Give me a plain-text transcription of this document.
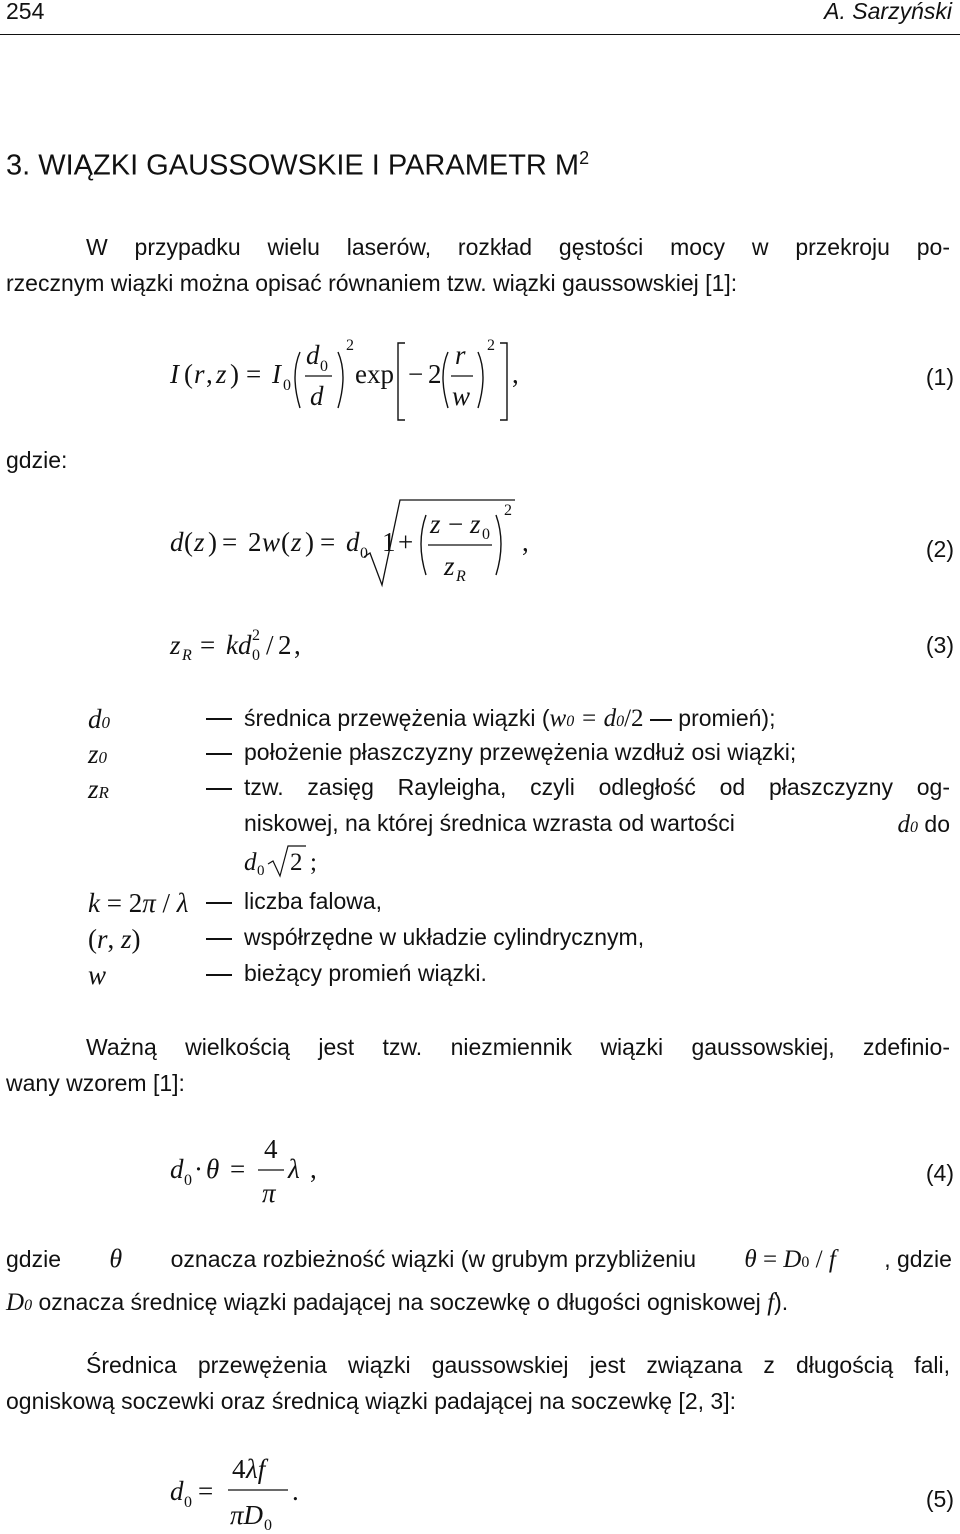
254	A. Sarzyński
3. WIĄZKI GAUSSOWSKIE I PARAMETR $M^2$
W przypadku wielu laserów, rozkład gęstości mocy w przekroju po-
rzecznym wiązki można opisać równaniem tzw. wiązki gaussowskiej [1]:
I ( r , z ) = I 0
d 0
d
2
exp − 2
r
w
2
,	(1)
gdzie:
d ( z ) = 2 w ( z ) = d 0 1 +
z − z 0
z R
2
,	(2)
z R = kd 0
2 / 2 ,	(3)
d0	średnica przewężenia wiązki (w0 = d0/2  promień);
z0	położenie płaszczyzny przewężenia wzdłuż osi wiązki;
zR	tzw. zasięg Rayleigha, czyli odległość od płaszczyzny og-
niskowej, na której średnica wzrasta od wartości	d0 do
d 0 2 ;
k = 2π / λ liczba falowa,
(r, z)	współrzędne w układzie cylindrycznym,
w	bieżący promień wiązki.
Ważną wielkością jest tzw. niezmiennik wiązki gaussowskiej, zdefinio-
wany wzorem [1]:
d 0 · θ =
4
π
λ ,	(4)
gdzie θ oznacza rozbieżność wiązki (w grubym przybliżeniu θ = D0 / f , gdzie
D0 oznacza średnicę wiązki padającej na soczewkę o długości ogniskowej f).
Średnica przewężenia wiązki gaussowskiej jest związana z długością fali,
ogniskową soczewki oraz średnicą wiązki padającej na soczewkę [2, 3]:
d 0 =
4 λf
πD 0
.	(5)
